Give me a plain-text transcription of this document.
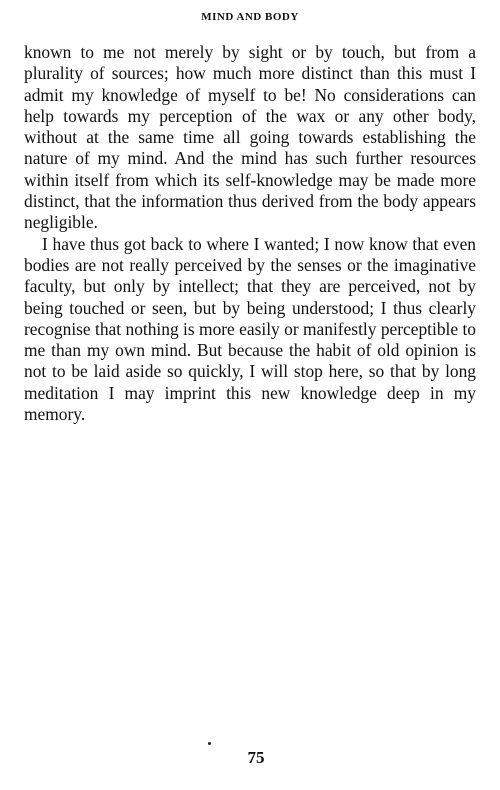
MIND AND BODY

known to me not merely by sight or by touch, but from a plurality of sources; how much more distinct than this must I admit my knowledge of myself to be! No considerations can help towards my perception of the wax or any other body, without at the same time all going towards establishing the nature of my mind. And the mind has such further resources within itself from which its self-knowledge may be made more distinct, that the information thus derived from the body appears negligible.

I have thus got back to where I wanted; I now know that even bodies are not really perceived by the senses or the imaginative faculty, but only by intellect; that they are perceived, not by being touched or seen, but by being understood; I thus clearly recognise that nothing is more easily or manifestly perceptible to me than my own mind. But because the habit of old opinion is not to be laid aside so quickly, I will stop here, so that by long meditation I may imprint this new knowledge deep in my memory.

75
